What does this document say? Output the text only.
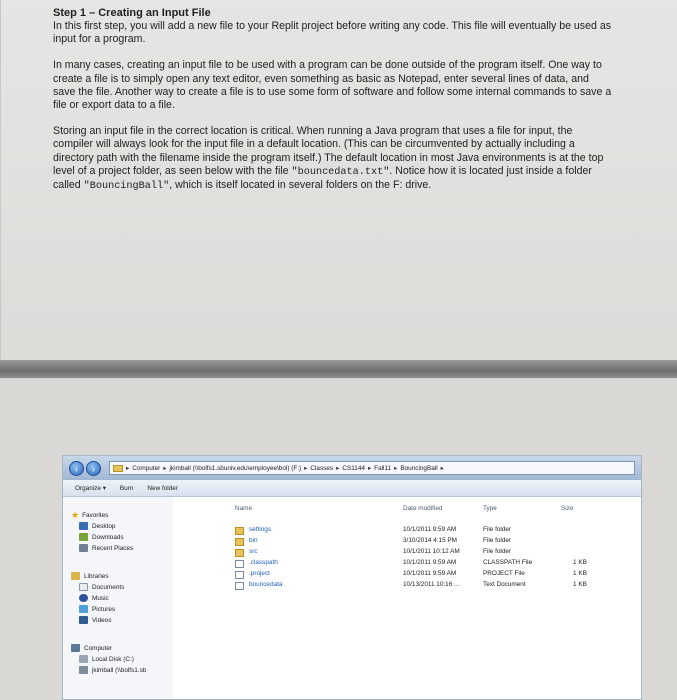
Step 1 – Creating an Input File

In this first step, you will add a new file to your Replit project before writing any code. This file will eventually be used as input for a program.

In many cases, creating an input file to be used with a program can be done outside of the program itself. One way to create a file is to simply open any text editor, even something as basic as Notepad, enter several lines of data, and save the file. Another way to create a file is to use some form of software and follow some internal commands to save a file or export data to a file.

Storing an input file in the correct location is critical. When running a Java program that uses a file for input, the compiler will always look for the input file in a default location. (This can be circumvented by actually including a directory path with the filename inside the program itself.) The default location in most Java environments is at the top level of a project folder, as seen below with the file "bouncedata.txt". Notice how it is located just inside a folder called "BouncingBall", which is itself located in several folders on the F: drive.

‹	›	▸ Computer ▸ jkimball (\\bolfs1.sbuniv.edu\employee\bol) (F:) ▸ Classes ▸ CS1144 ▸ Fall11 ▸ BouncingBall ▸
Organize ▾ Burn New folder
★ Favorites
Desktop
Downloads
Recent Places
Libraries
Documents
Music
Pictures
Videos
Computer
Local Disk (C:)
jkimball (\\bolfs1.sb
Name	Date modified	Type	Size
settings	10/1/2011 9:59 AM	File folder
bin	3/10/2014 4:15 PM	File folder
src	10/1/2011 10:12 AM	File folder
.classpath	10/1/2011 9:59 AM	CLASSPATH File	1 KB
.project	10/1/2011 9:59 AM	PROJECT File	1 KB
bouncedata	10/13/2011 10:16 ...	Text Document	1 KB
